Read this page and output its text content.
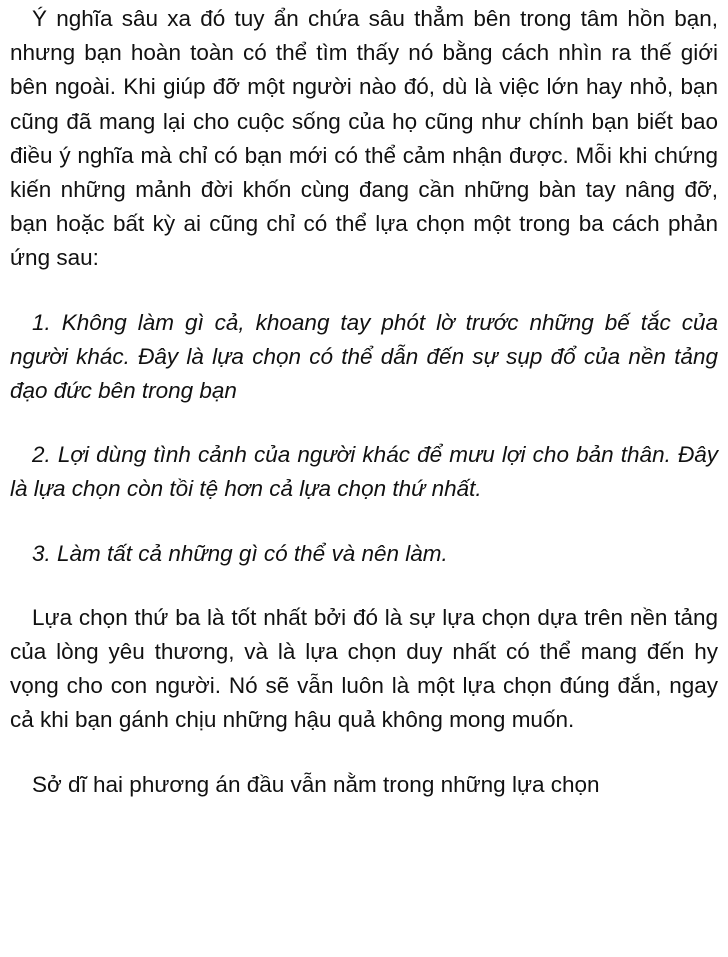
Ý nghĩa sâu xa đó tuy ẩn chứa sâu thẳm bên trong tâm hồn bạn, nhưng bạn hoàn toàn có thể tìm thấy nó bằng cách nhìn ra thế giới bên ngoài. Khi giúp đỡ một người nào đó, dù là việc lớn hay nhỏ, bạn cũng đã mang lại cho cuộc sống của họ cũng như chính bạn biết bao điều ý nghĩa mà chỉ có bạn mới có thể cảm nhận được. Mỗi khi chứng kiến những mảnh đời khốn cùng đang cần những bàn tay nâng đỡ, bạn hoặc bất kỳ ai cũng chỉ có thể lựa chọn một trong ba cách phản ứng sau:

1. Không làm gì cả, khoang tay phót lờ trước những bế tắc của người khác. Đây là lựa chọn có thể dẫn đến sự sụp đổ của nền tảng đạo đức bên trong bạn

2. Lợi dùng tình cảnh của người khác để mưu lợi cho bản thân. Đây là lựa chọn còn tồi tệ hơn cả lựa chọn thứ nhất.

3. Làm tất cả những gì có thể và nên làm.

Lựa chọn thứ ba là tốt nhất bởi đó là sự lựa chọn dựa trên nền tảng của lòng yêu thương, và là lựa chọn duy nhất có thể mang đến hy vọng cho con người. Nó sẽ vẫn luôn là một lựa chọn đúng đắn, ngay cả khi bạn gánh chịu những hậu quả không mong muốn.

Sở dĩ hai phương án đầu vẫn nằm trong những lựa chọn
